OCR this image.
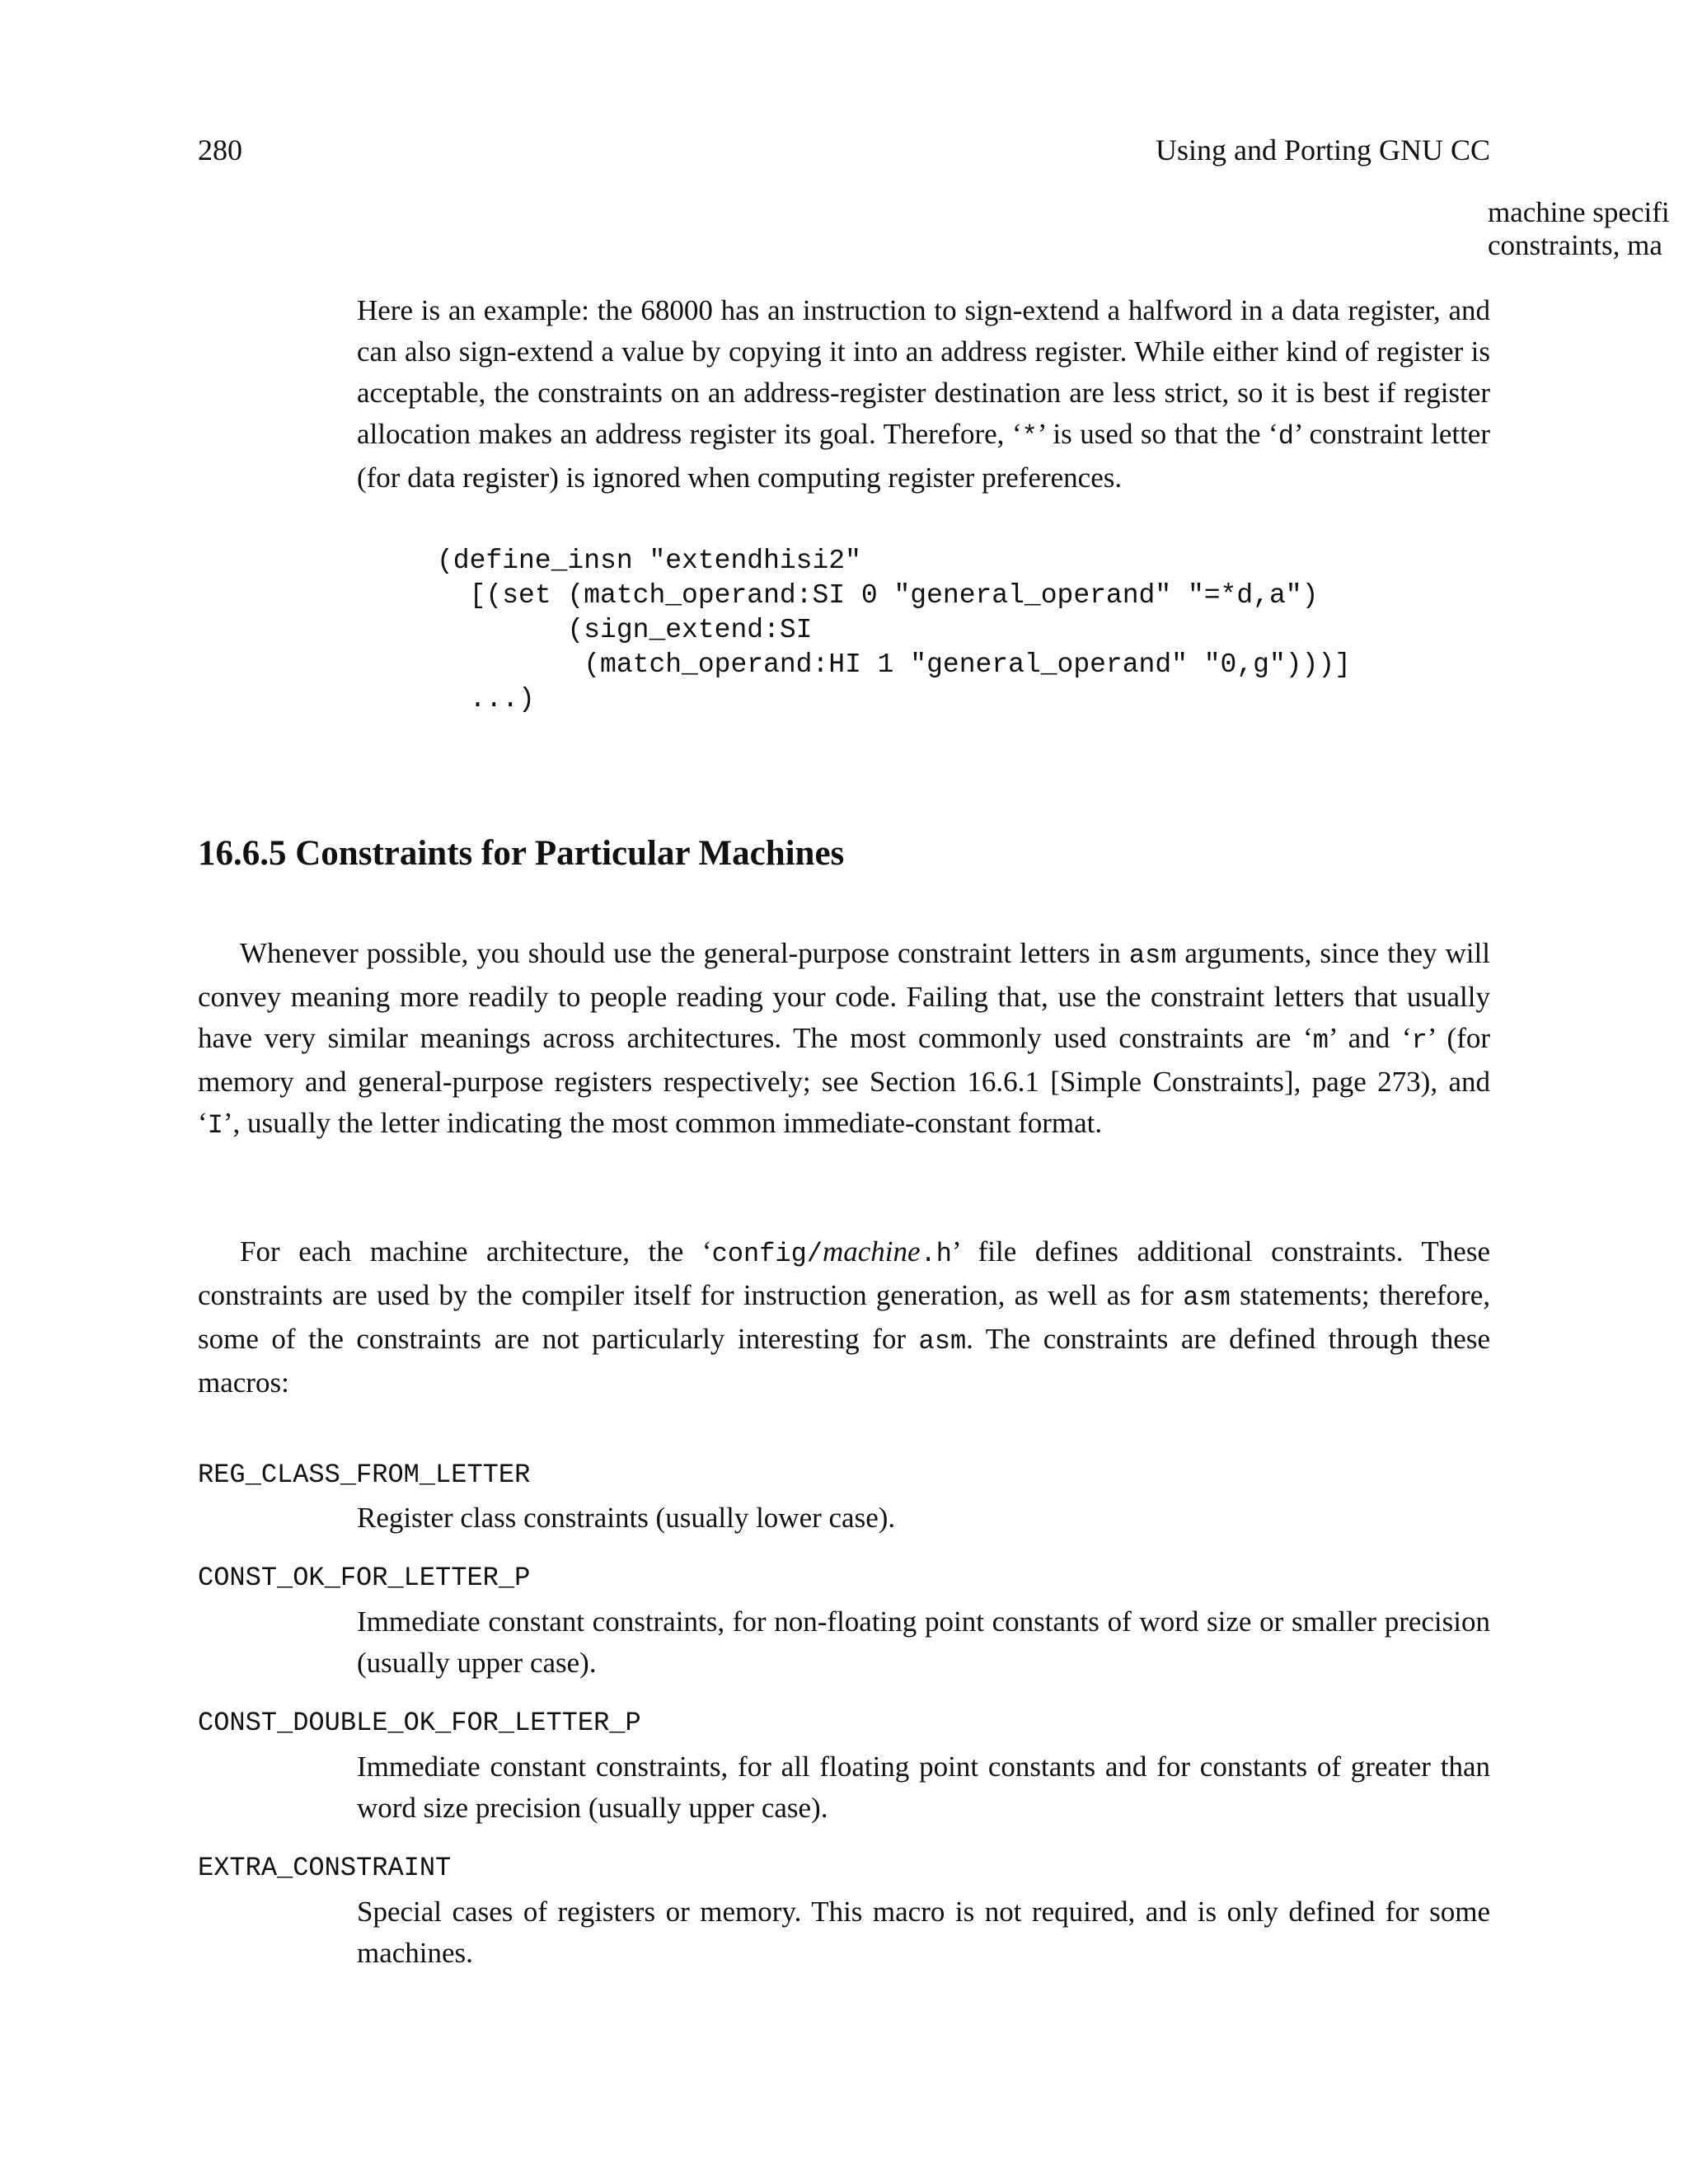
280	Using and Porting GNU CC
machine specifi
constraints, ma
Here is an example: the 68000 has an instruction to sign-extend a halfword in a data register, and can also sign-extend a value by copying it into an address register. While either kind of register is acceptable, the constraints on an address-register destination are less strict, so it is best if register allocation makes an address register its goal. Therefore, ‘*’ is used so that the ‘d’ constraint letter (for data register) is ignored when computing register preferences.
(define_insn "extendhisi2"
[(set (match_operand:SI 0 "general_operand" "=*d,a")
(sign_extend:SI
(match_operand:HI 1 "general_operand" "0,g")))]
...)
16.6.5 Constraints for Particular Machines
Whenever possible, you should use the general-purpose constraint letters in asm arguments, since they will convey meaning more readily to people reading your code. Failing that, use the constraint letters that usually have very similar meanings across architectures. The most commonly used constraints are ‘m’ and ‘r’ (for memory and general-purpose registers respectively; see Section 16.6.1 [Simple Constraints], page 273), and ‘I’, usually the letter indicating the most common immediate-constant format.
For each machine architecture, the ‘config/machine.h’ file defines additional constraints. These constraints are used by the compiler itself for instruction generation, as well as for asm statements; therefore, some of the constraints are not particularly interesting for asm. The constraints are defined through these macros:
REG_CLASS_FROM_LETTER
Register class constraints (usually lower case).
CONST_OK_FOR_LETTER_P
Immediate constant constraints, for non-floating point constants of word size or smaller precision (usually upper case).
CONST_DOUBLE_OK_FOR_LETTER_P
Immediate constant constraints, for all floating point constants and for constants of greater than word size precision (usually upper case).
EXTRA_CONSTRAINT
Special cases of registers or memory. This macro is not required, and is only defined for some machines.
